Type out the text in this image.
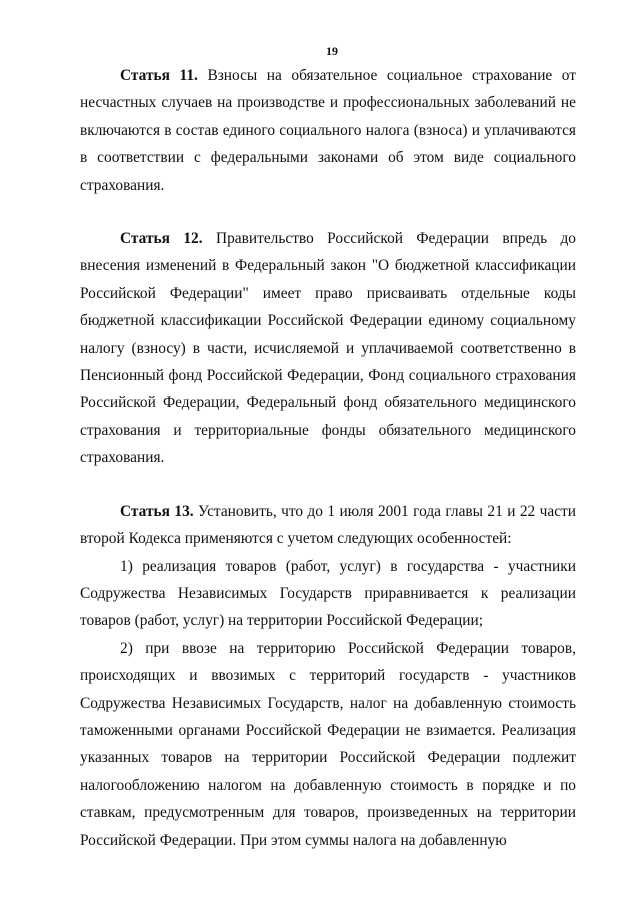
19

Статья 11. Взносы на обязательное социальное страхование от несчастных случаев на производстве и профессиональных заболеваний не включаются в состав единого социального налога (взноса) и уплачиваются в соответствии с федеральными законами об этом виде социального страхования.

Статья 12. Правительство Российской Федерации впредь до внесения изменений в Федеральный закон "О бюджетной классификации Российской Федерации" имеет право присваивать отдельные коды бюджетной классификации Российской Федерации единому социальному налогу (взносу) в части, исчисляемой и уплачиваемой соответственно в Пенсионный фонд Российской Федерации, Фонд социального страхования Российской Федерации, Федеральный фонд обязательного медицинского страхования и территориальные фонды обязательного медицинского страхования.

Статья 13. Установить, что до 1 июля 2001 года главы 21 и 22 части второй Кодекса применяются с учетом следующих особенностей:

1) реализация товаров (работ, услуг) в государства - участники Содружества Независимых Государств приравнивается к реализации товаров (работ, услуг) на территории Российской Федерации;

2) при ввозе на территорию Российской Федерации товаров, происходящих и ввозимых с территорий государств - участников Содружества Независимых Государств, налог на добавленную стоимость таможенными органами Российской Федерации не взимается. Реализация указанных товаров на территории Российской Федерации подлежит налогообложению налогом на добавленную стоимость в порядке и по ставкам, предусмотренным для товаров, произведенных на территории Российской Федерации. При этом суммы налога на добавленную
